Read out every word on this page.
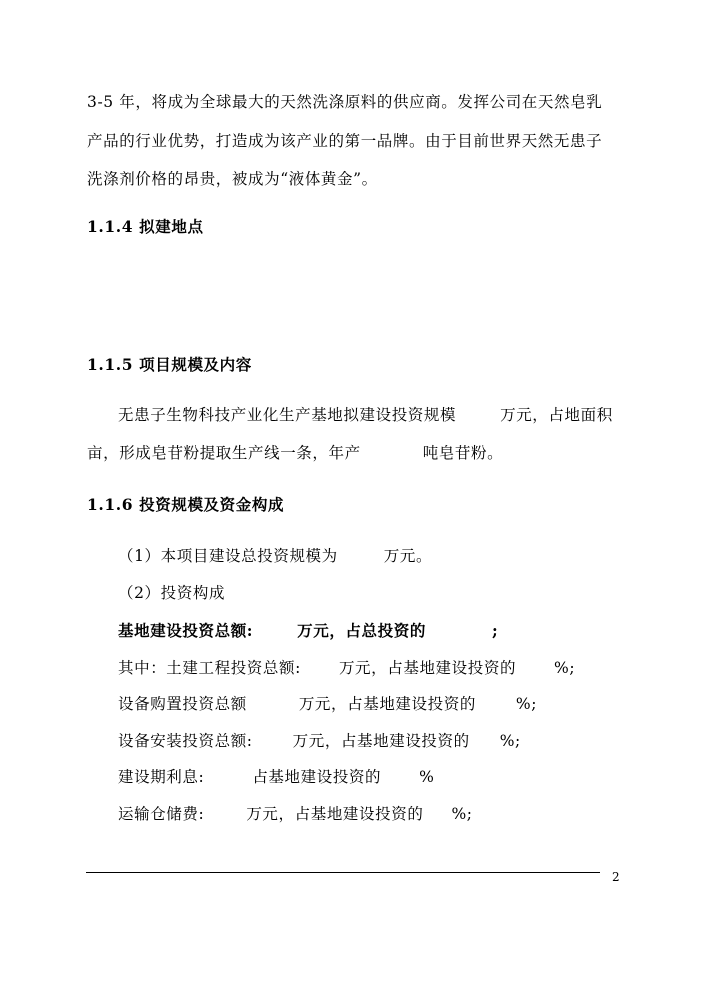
3-5 年，将成为全球最大的天然洗涤原料的供应商。发挥公司在天然皂乳
产品的行业优势，打造成为该产业的第一品牌。由于目前世界天然无患子
洗涤剂价格的昂贵，被成为“液体黄金”。
1.1.4 拟建地点
1.1.5 项目规模及内容
无患子生物科技产业化生产基地拟建设投资规模	万元，占地面积
亩，形成皂苷粉提取生产线一条，年产	吨皂苷粉。
1.1.6 投资规模及资金构成
（1）本项目建设总投资规模为	万元。
（2）投资构成
基地建设投资总额:	万元，占总投资的	;
其中：土建工程投资总额: 万元，占基地建设投资的 %;
设备购置投资总额	万元，占基地建设投资的	%;
设备安装投资总额:	万元，占基地建设投资的 %;
建设期利息:	占基地建设投资的 %
运输仓储费:	万元，占基地建设投资的 %;
2
